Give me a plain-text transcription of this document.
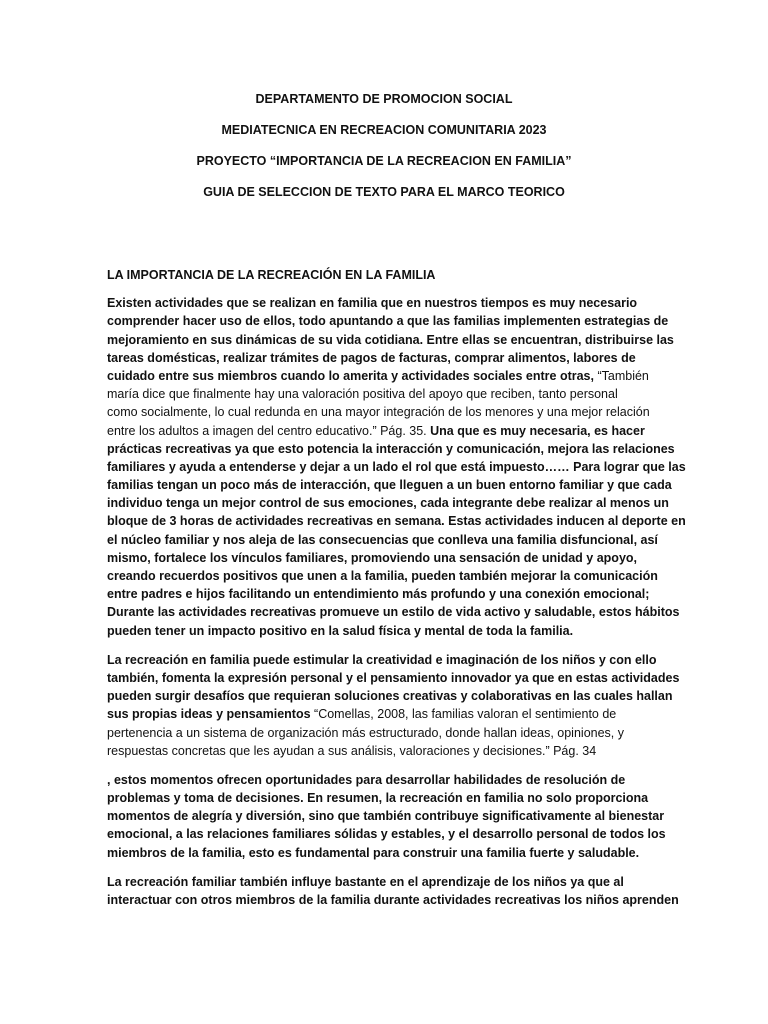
DEPARTAMENTO DE PROMOCION SOCIAL
MEDIATECNICA EN RECREACION COMUNITARIA 2023
PROYECTO “IMPORTANCIA DE LA RECREACION EN FAMILIA”
GUIA DE SELECCION DE TEXTO PARA EL MARCO TEORICO
LA IMPORTANCIA DE LA RECREACIÓN EN LA FAMILIA
Existen actividades que se realizan en familia que en nuestros tiempos es muy necesario
comprender hacer uso de ellos, todo apuntando a que las familias implementen estrategias de
mejoramiento en sus dinámicas de su vida cotidiana. Entre ellas se encuentran, distribuirse las
tareas domésticas, realizar trámites de pagos de facturas, comprar alimentos, labores de
cuidado entre sus miembros cuando lo amerita y actividades sociales entre otras, “También
maría dice que finalmente hay una valoración positiva del apoyo que reciben, tanto personal
como socialmente, lo cual redunda en una mayor integración de los menores y una mejor relación
entre los adultos a imagen del centro educativo.” Pág. 35. Una que es muy necesaria, es hacer
prácticas recreativas ya que esto potencia la interacción y comunicación, mejora las relaciones
familiares y ayuda a entenderse y dejar a un lado el rol que está impuesto…… Para lograr que las
familias tengan un poco más de interacción, que lleguen a un buen entorno familiar y que cada
individuo tenga un mejor control de sus emociones, cada integrante debe realizar al menos un
bloque de 3 horas de actividades recreativas en semana. Estas actividades inducen al deporte en
el núcleo familiar y nos aleja de las consecuencias que conlleva una familia disfuncional, así
mismo, fortalece los vínculos familiares, promoviendo una sensación de unidad y apoyo,
creando recuerdos positivos que unen a la familia, pueden también mejorar la comunicación
entre padres e hijos facilitando un entendimiento más profundo y una conexión emocional;
Durante las actividades recreativas promueve un estilo de vida activo y saludable, estos hábitos
pueden tener un impacto positivo en la salud física y mental de toda la familia.
La recreación en familia puede estimular la creatividad e imaginación de los niños y con ello
también, fomenta la expresión personal y el pensamiento innovador ya que en estas actividades
pueden surgir desafíos que requieran soluciones creativas y colaborativas en las cuales hallan
sus propias ideas y pensamientos “Comellas, 2008, las familias valoran el sentimiento de
pertenencia a un sistema de organización más estructurado, donde hallan ideas, opiniones, y
respuestas concretas que les ayudan a sus análisis, valoraciones y decisiones.” Pág. 34
, estos momentos ofrecen oportunidades para desarrollar habilidades de resolución de
problemas y toma de decisiones. En resumen, la recreación en familia no solo proporciona
momentos de alegría y diversión, sino que también contribuye significativamente al bienestar
emocional, a las relaciones familiares sólidas y estables, y el desarrollo personal de todos los
miembros de la familia, esto es fundamental para construir una familia fuerte y saludable.
La recreación familiar también influye bastante en el aprendizaje de los niños ya que al
interactuar con otros miembros de la familia durante actividades recreativas los niños aprenden
